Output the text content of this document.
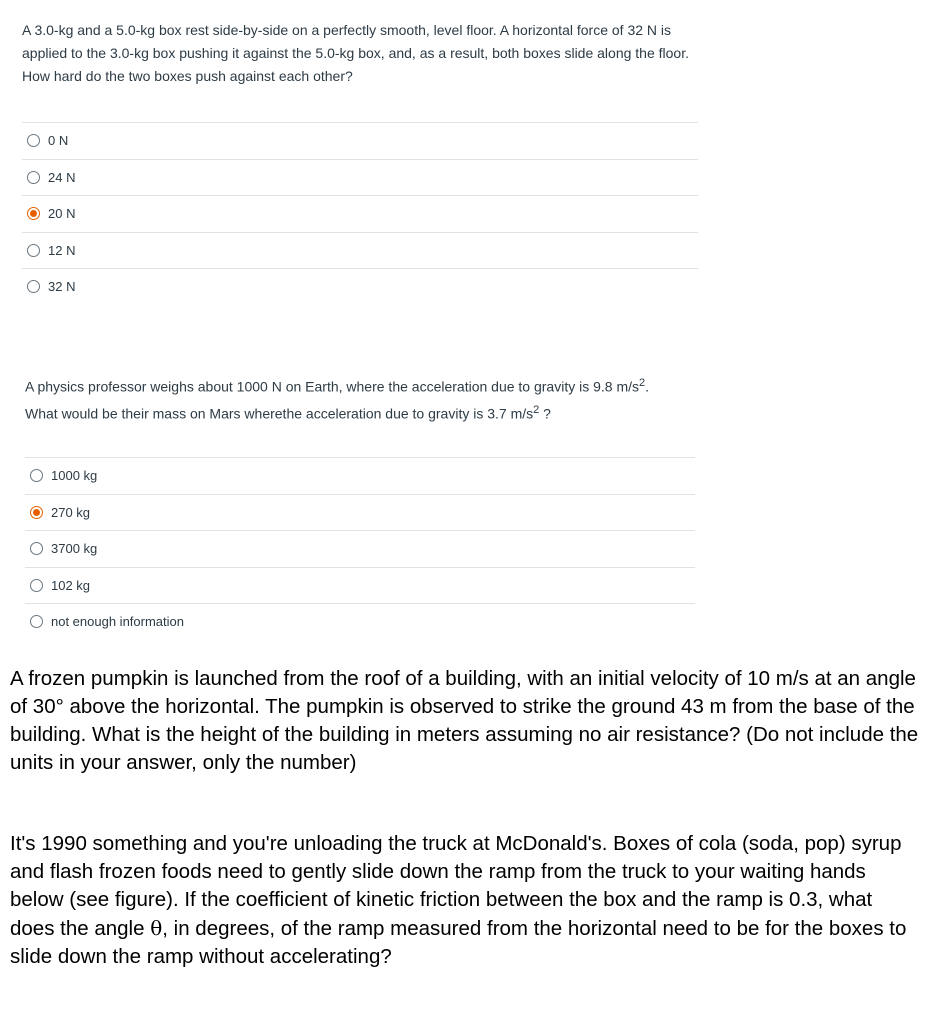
A 3.0-kg and a 5.0-kg box rest side-by-side on a perfectly smooth, level floor. A horizontal force of 32 N is applied to the 3.0-kg box pushing it against the 5.0-kg box, and, as a result, both boxes slide along the floor. How hard do the two boxes push against each other?

0 N
24 N
20 N
12 N
32 N

A physics professor weighs about 1000 N on Earth, where the acceleration due to gravity is 9.8 $m/s^2$. What would be their mass on Mars wherethe acceleration due to gravity is 3.7 $m/s^2$ ?

1000 kg
270 kg
3700 kg
102 kg
not enough information

A frozen pumpkin is launched from the roof of a building, with an initial velocity of 10 m/s at an angle of 30° above the horizontal. The pumpkin is observed to strike the ground 43 m from the base of the building. What is the height of the building in meters assuming no air resistance? (Do not include the units in your answer, only the number)

It's 1990 something and you're unloading the truck at McDonald's. Boxes of cola (soda, pop) syrup and flash frozen foods need to gently slide down the ramp from the truck to your waiting hands below (see figure). If the coefficient of kinetic friction between the box and the ramp is 0.3, what does the angle θ, in degrees, of the ramp measured from the horizontal need to be for the boxes to slide down the ramp without accelerating?
